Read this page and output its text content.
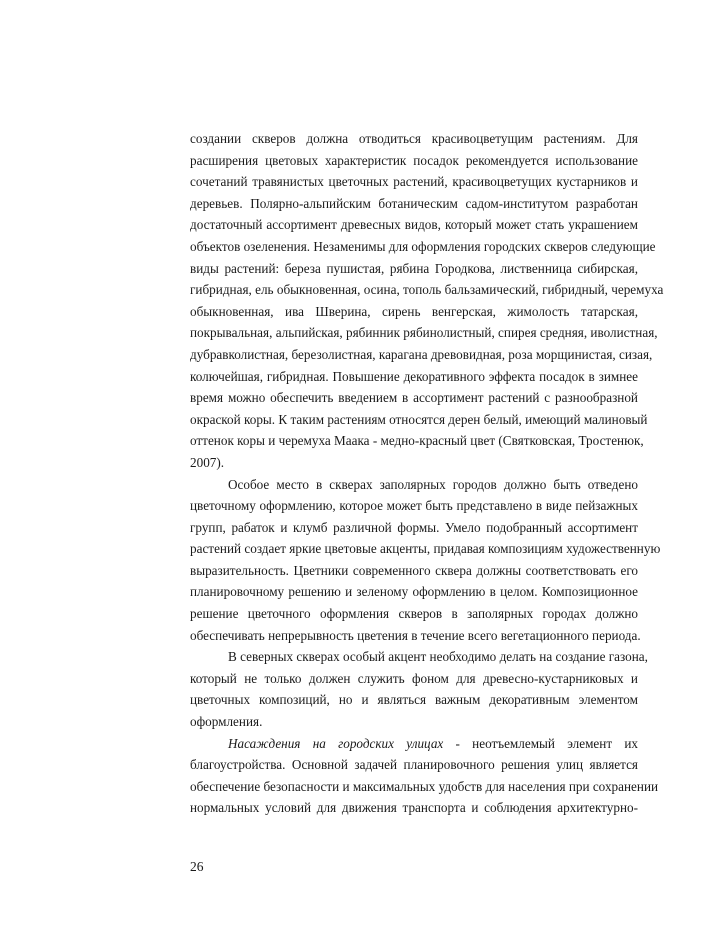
создании скверов должна отводиться красивоцветущим растениям. Для
расширения цветовых характеристик посадок рекомендуется использование
сочетаний травянистых цветочных растений, красивоцветущих кустарников и
деревьев. Полярно-альпийским ботаническим садом-институтом разработан
достаточный ассортимент древесных видов, который может стать украшением
объектов озеленения. Незаменимы для оформления городских скверов следующие
виды растений: береза пушистая, рябина Городкова, лиственница сибирская,
гибридная, ель обыкновенная, осина, тополь бальзамический, гибридный, черемуха
обыкновенная, ива Шверина, сирень венгерская, жимолость татарская,
покрывальная, альпийская, рябинник рябинолистный, спирея средняя, иволистная,
дубравколистная, березолистная, карагана древовидная, роза морщинистая, сизая,
колючейшая, гибридная. Повышение декоративного эффекта посадок в зимнее
время можно обеспечить введением в ассортимент растений с разнообразной
окраской коры. К таким растениям относятся дерен белый, имеющий малиновый
оттенок коры и черемуха Маака - медно-красный цвет (Святковская, Тростенюк,
2007).
Особое место в скверах заполярных городов должно быть отведено
цветочному оформлению, которое может быть представлено в виде пейзажных
групп, рабаток и клумб различной формы. Умело подобранный ассортимент
растений создает яркие цветовые акценты, придавая композициям художественную
выразительность. Цветники современного сквера должны соответствовать его
планировочному решению и зеленому оформлению в целом. Композиционное
решение цветочного оформления скверов в заполярных городах должно
обеспечивать непрерывность цветения в течение всего вегетационного периода.
В северных скверах особый акцент необходимо делать на создание газона,
который не только должен служить фоном для древесно-кустарниковых и
цветочных композиций, но и являться важным декоративным элементом
оформления.
Насаждения на городских улицах - неотъемлемый элемент их
благоустройства. Основной задачей планировочного решения улиц является
обеспечение безопасности и максимальных удобств для населения при сохранении
нормальных условий для движения транспорта и соблюдения архитектурно-
26
